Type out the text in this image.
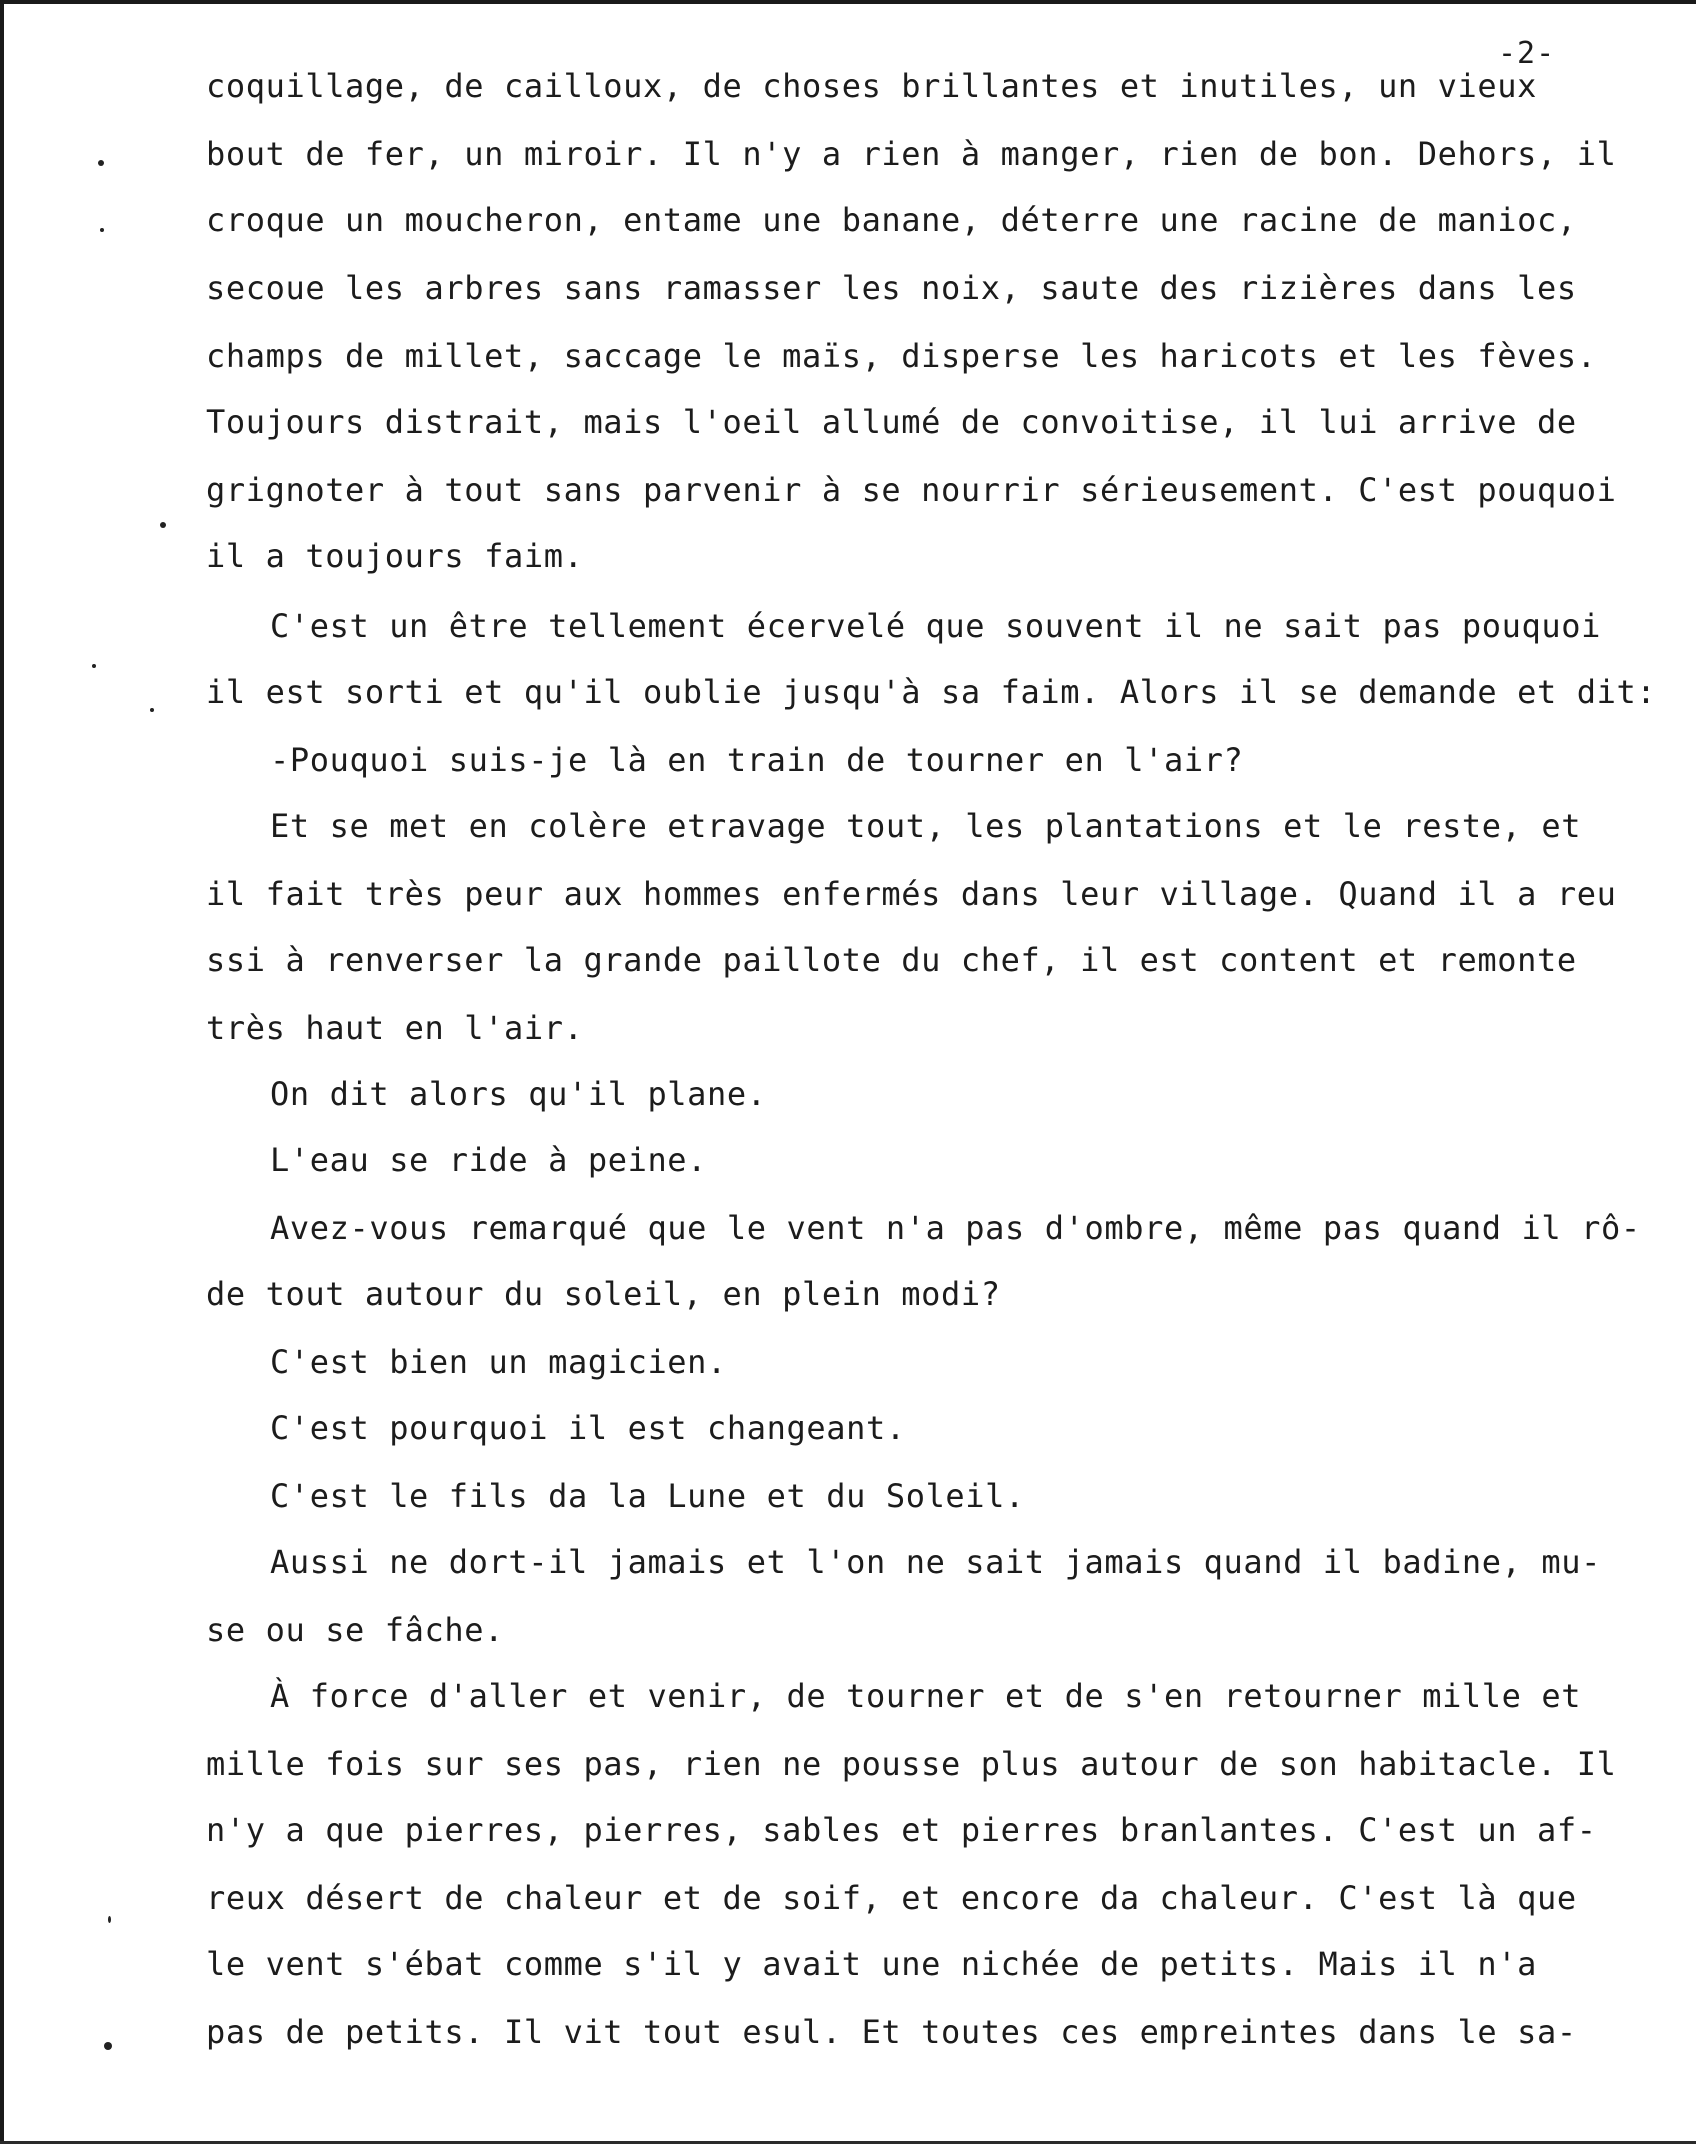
-2-
coquillage, de cailloux, de choses brillantes et inutiles, un vieux
bout de fer, un miroir. Il n'y a rien à manger, rien de bon. Dehors, il
croque un moucheron, entame une banane, déterre une racine de manioc,
secoue les arbres sans ramasser les noix, saute des rizières dans les
champs de millet, saccage le maïs, disperse les haricots et les fèves.
Toujours distrait, mais l'oeil allumé de convoitise, il lui arrive de
grignoter à tout sans parvenir à se nourrir sérieusement. C'est pouquoi
il a toujours faim.
C'est un être tellement écervelé que souvent il ne sait pas pouquoi
il est sorti et qu'il oublie jusqu'à sa faim. Alors il se demande et dit:
-Pouquoi suis-je là en train de tourner en l'air?
Et se met en colère etravage tout, les plantations et le reste, et
il fait très peur aux hommes enfermés dans leur village. Quand il a reu
ssi à renverser la grande paillote du chef, il est content et remonte
très haut en l'air.
On dit alors qu'il plane.
L'eau se ride à peine.
Avez-vous remarqué que le vent n'a pas d'ombre, même pas quand il rô-
de tout autour du soleil, en plein modi?
C'est bien un magicien.
C'est pourquoi il est changeant.
C'est le fils da la Lune et du Soleil.
Aussi ne dort-il jamais et l'on ne sait jamais quand il badine, mu-
se ou se fâche.
À force d'aller et venir, de tourner et de s'en retourner mille et
mille fois sur ses pas, rien ne pousse plus autour de son habitacle. Il
n'y a que pierres, pierres, sables et pierres branlantes. C'est un af-
reux désert de chaleur et de soif, et encore da chaleur. C'est là que
le vent s'ébat comme s'il y avait une nichée de petits. Mais il n'a
pas de petits. Il vit tout esul. Et toutes ces empreintes dans le sa-
